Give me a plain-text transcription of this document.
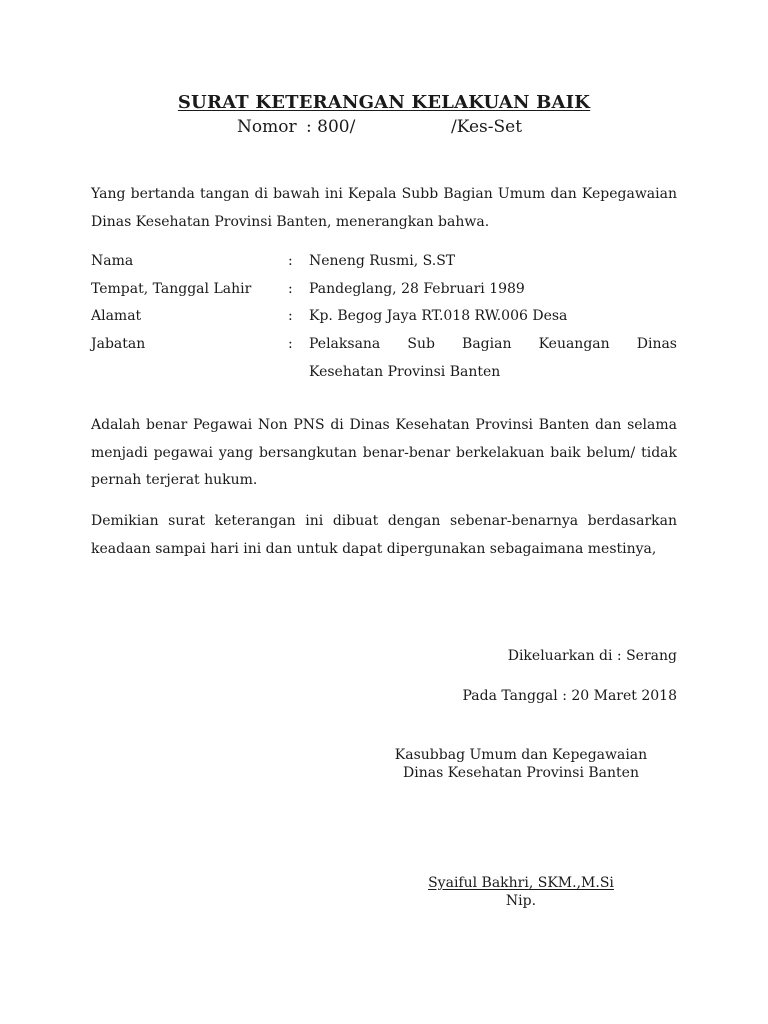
SURAT KETERANGAN KELAKUAN BAIK
Nomor : 800/	/Kes-Set
Yang bertanda tangan di bawah ini Kepala Subb Bagian Umum dan Kepegawaian Dinas Kesehatan Provinsi Banten, menerangkan bahwa.
Nama	: Neneng Rusmi, S.ST
Tempat, Tanggal Lahir	: Pandeglang, 28 Februari 1989
Alamat	: Kp. Begog Jaya RT.018 RW.006 Desa
Jabatan	: Pelaksana Sub Bagian Keuangan Dinas
Kesehatan Provinsi Banten
Adalah benar Pegawai Non PNS di Dinas Kesehatan Provinsi Banten dan selama menjadi pegawai yang bersangkutan benar-benar berkelakuan baik belum/ tidak pernah terjerat hukum.
Demikian surat keterangan ini dibuat dengan sebenar-benarnya berdasarkan keadaan sampai hari ini dan untuk dapat dipergunakan sebagaimana mestinya,
Dikeluarkan di : Serang
Pada Tanggal : 20 Maret 2018
Kasubbag Umum dan Kepegawaian
Dinas Kesehatan Provinsi Banten
Syaiful Bakhri, SKM.,M.Si
Nip.
